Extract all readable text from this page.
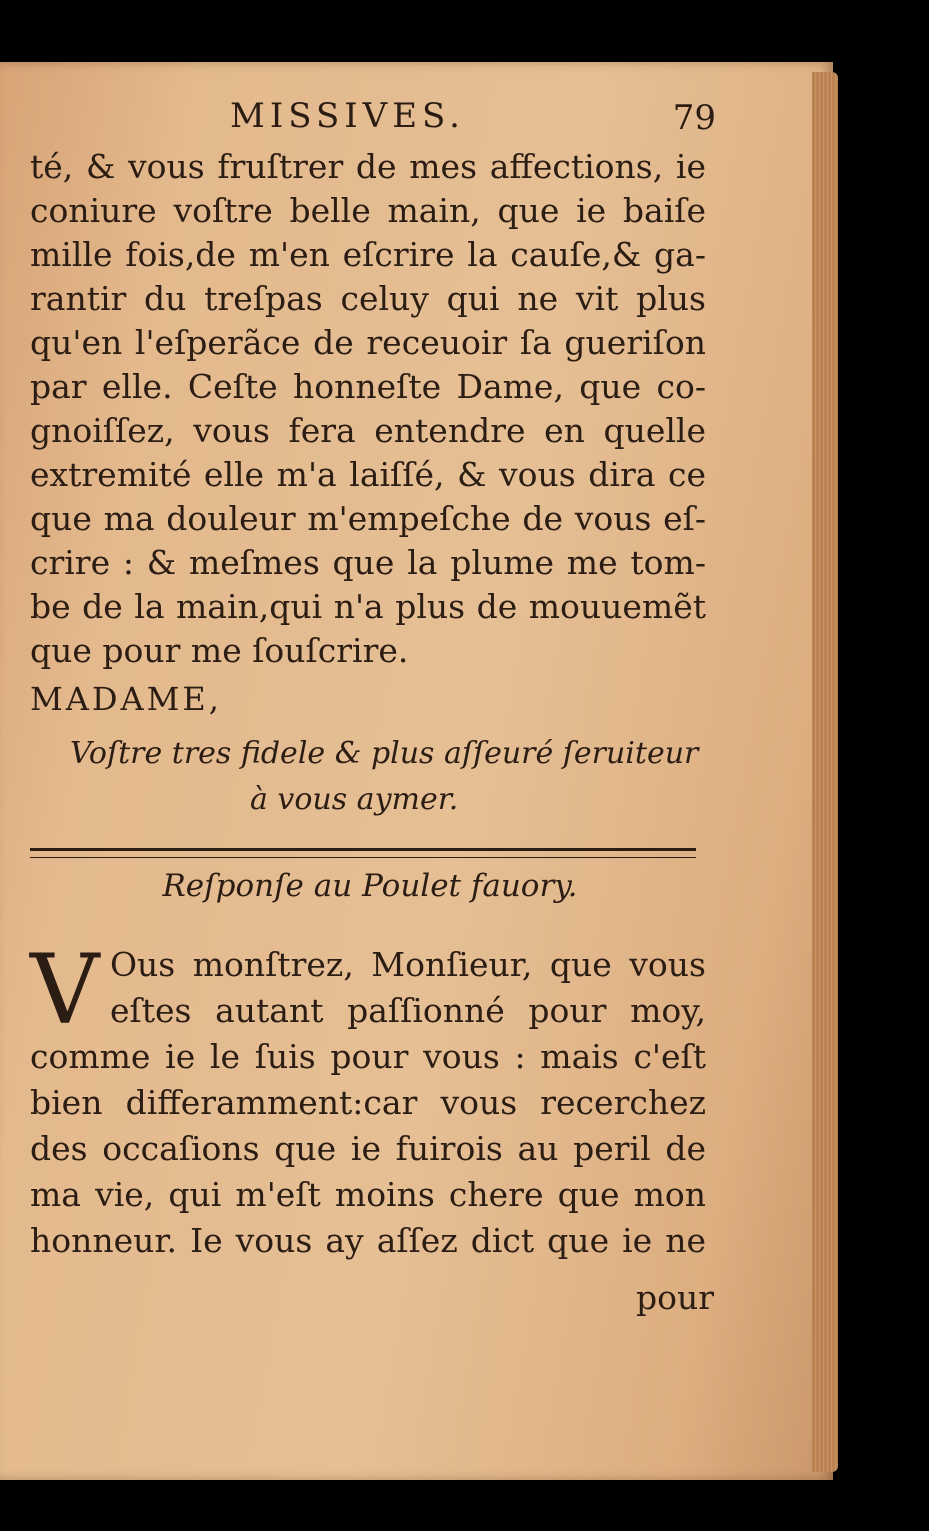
MISSIVES.	79
té, & vous fruſtrer de mes affections, ie
coniure voſtre belle main, que ie baiſe
mille fois,de m'en eſcrire la cauſe,& ga-
rantir du treſpas celuy qui ne vit plus
qu'en l'eſperãce de receuoir ſa gueriſon
par elle. Ceſte honneſte Dame, que co-
gnoiſſez, vous fera entendre en quelle
extremité elle m'a laiſſé, & vous dira ce
que ma douleur m'empeſche de vous eſ-
crire : & meſmes que la plume me tom-
be de la main,qui n'a plus de mouuemẽt
que pour me ſouſcrire.
MADAME,
Voſtre tres fidele & plus aſſeuré ſeruiteur
à vous aymer.
Reſponſe au Poulet fauory.
V Ous monſtrez, Monſieur, que vous
eſtes autant paſſionné pour moy,
comme ie le ſuis pour vous : mais c'eſt
bien differamment:car vous recerchez
des occaſions que ie fuirois au peril de
ma vie, qui m'eſt moins chere que mon
honneur. Ie vous ay aſſez dict que ie ne
pour
